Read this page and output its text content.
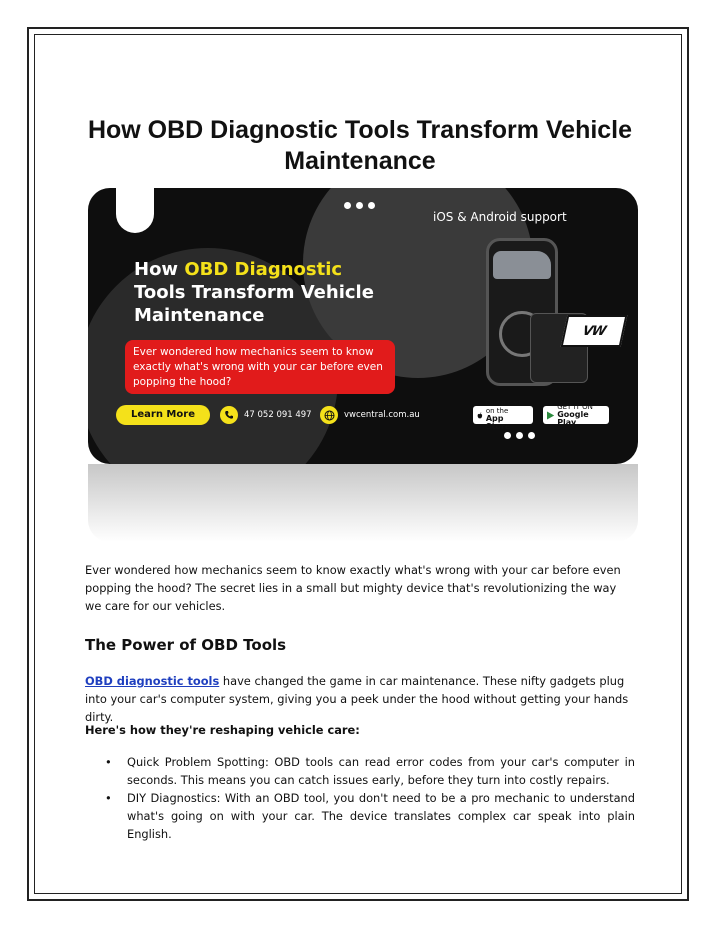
How OBD Diagnostic Tools Transform Vehicle Maintenance
How OBD Diagnostic
Tools Transform Vehicle Maintenance
Ever wondered how mechanics seem to know exactly what's wrong with your car before even popping the hood?
Learn More	47 052 091 497	vwcentral.com.au
iOS & Android support
VW
CENTRAL
Download on the
App Store
GET IT ON
Google Play

Ever wondered how mechanics seem to know exactly what's wrong with your car before even popping the hood? The secret lies in a small but mighty device that's revolutionizing the way we care for our vehicles.

The Power of OBD Tools

OBD diagnostic tools have changed the game in car maintenance. These nifty gadgets plug into your car's computer system, giving you a peek under the hood without getting your hands dirty.

Here's how they're reshaping vehicle care:
• Quick Problem Spotting: OBD tools can read error codes from your car's computer in seconds. This means you can catch issues early, before they turn into costly repairs.
• DIY Diagnostics: With an OBD tool, you don't need to be a pro mechanic to understand what's going on with your car. The device translates complex car speak into plain English.
